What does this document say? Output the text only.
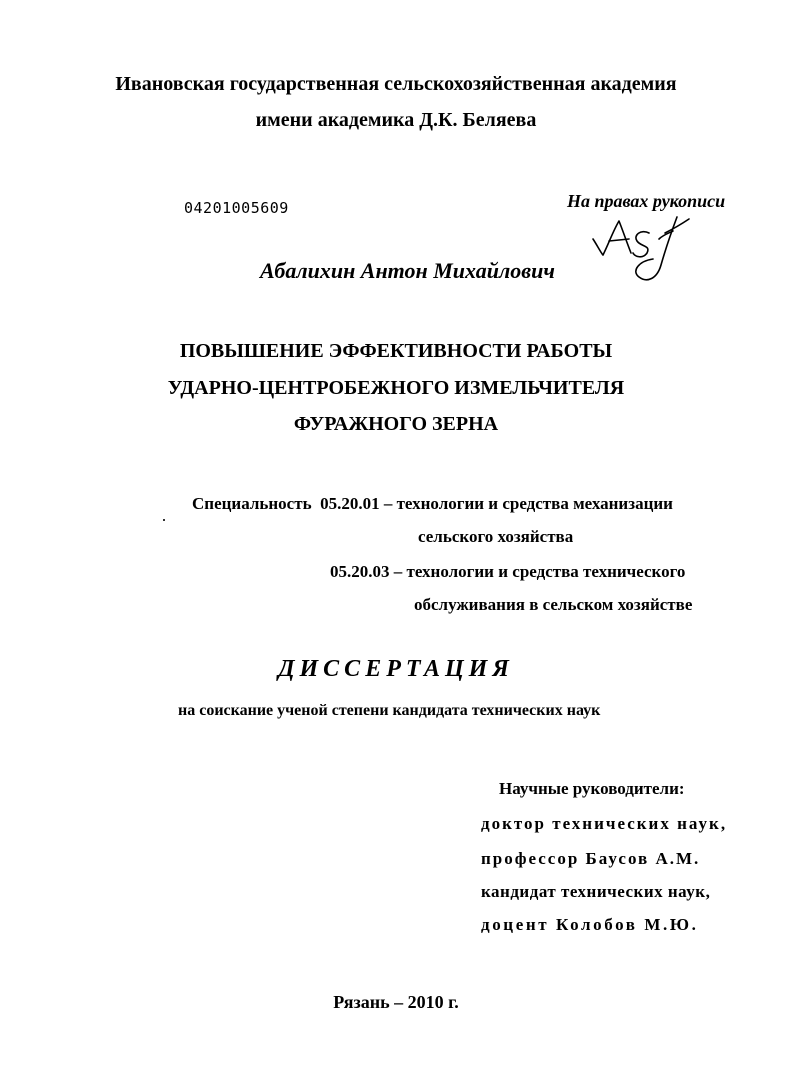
Ивановская государственная сельскохозяйственная академия
имени академика Д.К. Беляева
04201005609	На правах рукописи
Абалихин Антон Михайлович
ПОВЫШЕНИЕ ЭФФЕКТИВНОСТИ РАБОТЫ
УДАРНО-ЦЕНТРОБЕЖНОГО ИЗМЕЛЬЧИТЕЛЯ
ФУРАЖНОГО ЗЕРНА
Специальность  05.20.01 – технологии и средства механизации
сельского хозяйства
05.20.03 – технологии и средства технического
обслуживания в сельском хозяйстве
ДИССЕРТАЦИЯ
на соискание ученой степени кандидата технических наук
Научные руководители:
доктор технических наук,
профессор Баусов А.М.
кандидат технических наук,
доцент Колобов М.Ю.
Рязань – 2010 г.
